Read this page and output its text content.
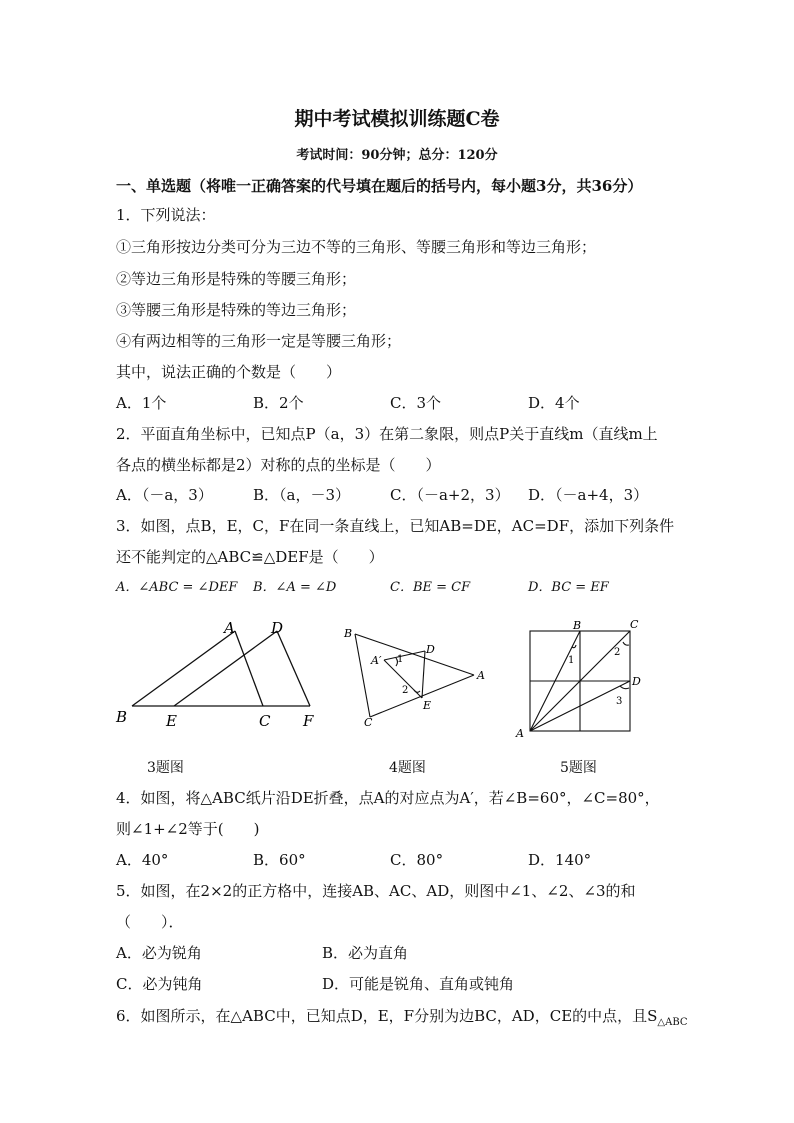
期中考试模拟训练题C卷
考试时间：90分钟；总分：120分
一、单选题（将唯一正确答案的代号填在题后的括号内，每小题3分，共36分）
1．下列说法：
①三角形按边分类可分为三边不等的三角形、等腰三角形和等边三角形；
②等边三角形是特殊的等腰三角形；
③等腰三角形是特殊的等边三角形；
④有两边相等的三角形一定是等腰三角形；
其中，说法正确的个数是（　　）
A．1个	B．2个	C．3个	D．4个
2．平面直角坐标中，已知点P（a，3）在第二象限，则点P关于直线m（直线m上
各点的横坐标都是2）对称的点的坐标是（　　）
A．（－a，3）	B．（a，－3）	C．（－a+2，3） D．（－a+4，3）
3．如图，点B，E，C，F在同一条直线上，已知AB=DE，AC=DF，添加下列条件
还不能判定的△ABC≌△DEF是（　　）
A．∠ABC = ∠DEF B．∠A = ∠D	C．BE = CF	D．BC = EF
A D
B	E	C F
3题图
B
A′ 1
D
A
2
E
C
4题图
B	C
1
2
D
3
A
5题图
4．如图，将△ABC纸片沿DE折叠，点A的对应点为A′，若∠B=60°，∠C=80°，
则∠1+∠2等于(　　)
A．40°	B．60°	C．80°	D．140°
5．如图，在2×2的正方格中，连接AB、AC、AD，则图中∠1、∠2、∠3的和
（　　）．
A．必为锐角	B．必为直角
C．必为钝角	D．可能是锐角、直角或钝角
6．如图所示，在△ABC中，已知点D，E，F分别为边BC，AD，CE的中点，且$S_{\triangle ABC}$
